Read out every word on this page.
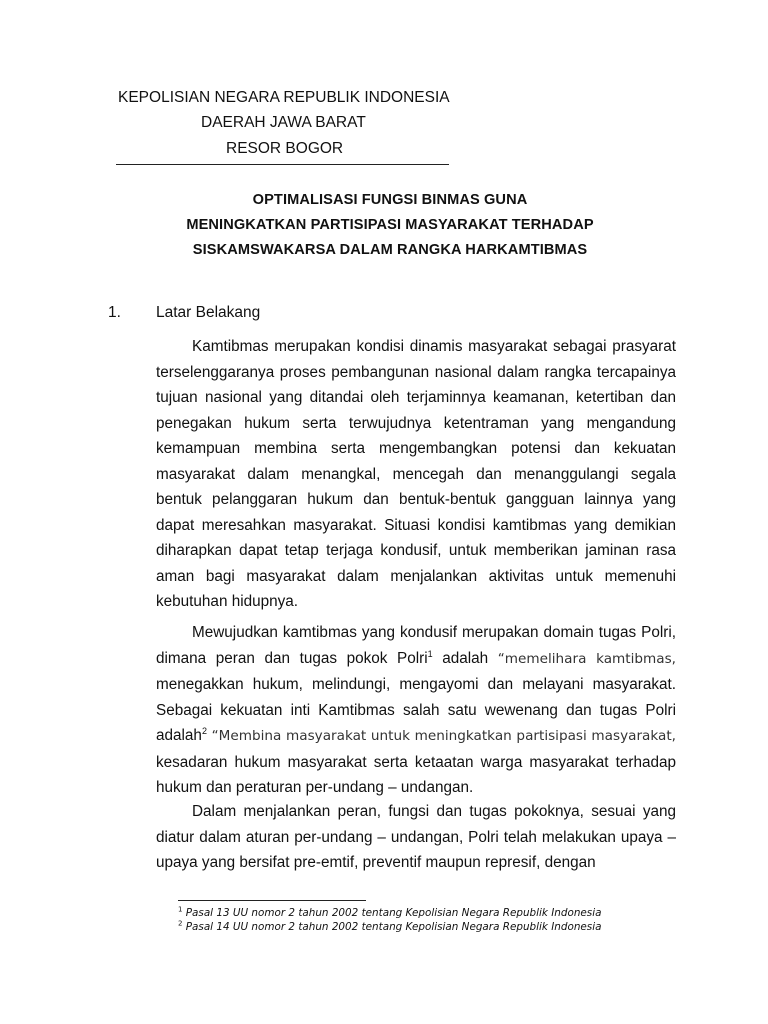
KEPOLISIAN NEGARA REPUBLIK INDONESIA
DAERAH JAWA BARAT
RESOR BOGOR
OPTIMALISASI FUNGSI BINMAS GUNA
MENINGKATKAN PARTISIPASI MASYARAKAT TERHADAP
SISKAMSWAKARSA DALAM RANGKA HARKAMTIBMAS
1. Latar Belakang

Kamtibmas merupakan kondisi dinamis masyarakat sebagai prasyarat terselenggaranya proses pembangunan nasional dalam rangka tercapainya tujuan nasional yang ditandai oleh terjaminnya keamanan, ketertiban dan penegakan hukum serta terwujudnya ketentraman yang mengandung kemampuan membina serta mengembangkan potensi dan kekuatan masyarakat dalam menangkal, mencegah dan menanggulangi segala bentuk pelanggaran hukum dan bentuk-bentuk gangguan lainnya yang dapat meresahkan masyarakat. Situasi kondisi kamtibmas yang demikian diharapkan dapat tetap terjaga kondusif, untuk memberikan jaminan rasa aman bagi masyarakat dalam menjalankan aktivitas untuk memenuhi kebutuhan hidupnya.

Mewujudkan kamtibmas yang kondusif merupakan domain tugas Polri, dimana peran dan tugas pokok Polri$^1$ adalah “memelihara kamtibmas, menegakkan hukum, melindungi, mengayomi dan melayani masyarakat. Sebagai kekuatan inti Kamtibmas salah satu wewenang dan tugas Polri adalah$^2$ “Membina masyarakat untuk meningkatkan partisipasi masyarakat, kesadaran hukum masyarakat serta ketaatan warga masyarakat terhadap hukum dan peraturan per-undang – undangan.

Dalam menjalankan peran, fungsi dan tugas pokoknya, sesuai yang diatur dalam aturan per-undang – undangan, Polri telah melakukan upaya – upaya yang bersifat pre-emtif, preventif maupun represif, dengan

$^1$ Pasal 13 UU nomor 2 tahun 2002 tentang Kepolisian Negara Republik Indonesia
$^2$ Pasal 14 UU nomor 2 tahun 2002 tentang Kepolisian Negara Republik Indonesia
